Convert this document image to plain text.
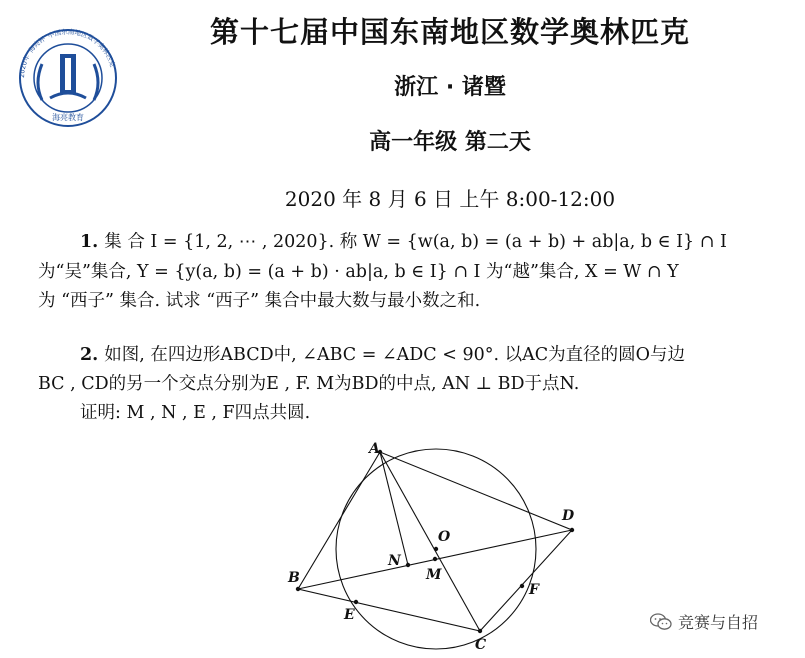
2020年“海亮杯”中国东南地区数学奥林匹克
海亮教育
第十七届中国东南地区数学奥林匹克
浙江 · 诸暨
高一年级 第二天
2020 年 8 月 6 日 上午 8:00-12:00
1. 集 合 I = {1, 2, ⋯ , 2020}. 称 W = {w(a, b) = (a + b) + ab|a, b ∈ I} ∩ I
为“吴”集合, Y = {y(a, b) = (a + b) · ab|a, b ∈ I} ∩ I 为“越”集合, X = W ∩ Y
为 “西子” 集合. 试求 “西子” 集合中最大数与最小数之和.
2. 如图, 在四边形ABCD中, ∠ABC = ∠ADC < 90°. 以AC为直径的圆O与边
BC , CD的另一个交点分别为E , F. M为BD的中点, AN ⊥ BD于点N.
证明: M , N , E , F四点共圆.
A
B
C
D
E
F
O
M
N
竞赛与自招
